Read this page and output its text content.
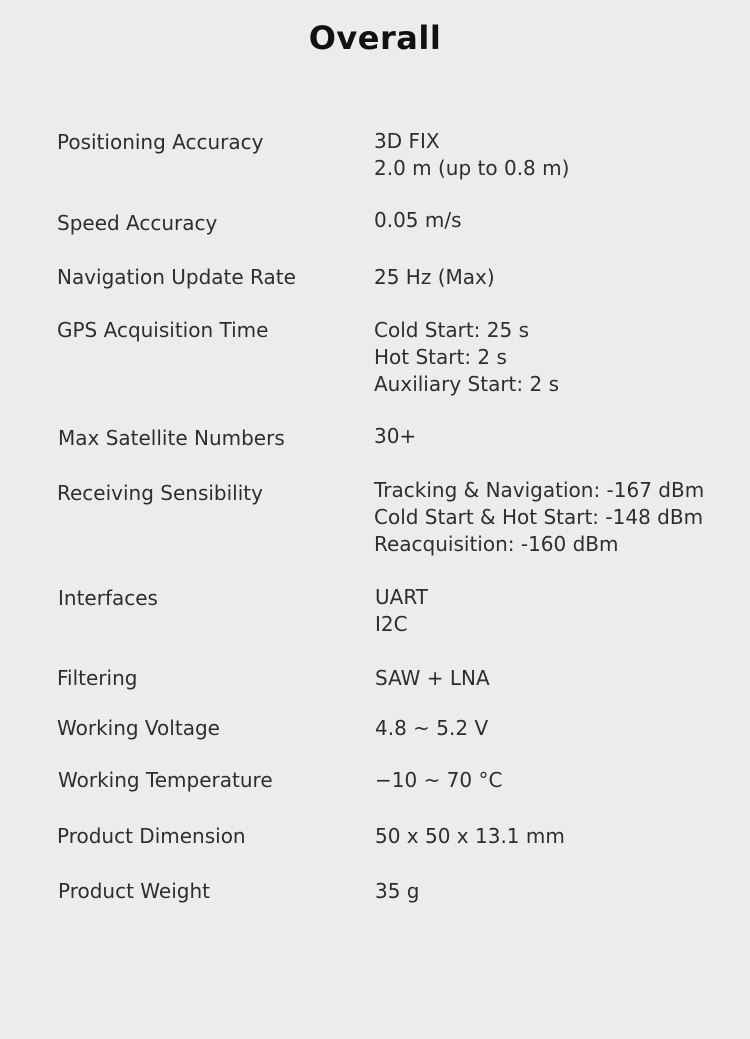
Overall
Positioning Accuracy	3D FIX
2.0 m (up to 0.8 m)
Speed Accuracy	0.05 m/s
Navigation Update Rate	25 Hz (Max)
GPS Acquisition Time	Cold Start: 25 s
Hot Start: 2 s
Auxiliary Start: 2 s
Max Satellite Numbers	30+
Receiving Sensibility	Tracking & Navigation: -167 dBm
Cold Start & Hot Start: -148 dBm
Reacquisition: -160 dBm
Interfaces	UART
I2C
Filtering	SAW + LNA
Working Voltage	4.8 ~ 5.2 V
Working Temperature	−10 ~ 70 °C
Product Dimension	50 x 50 x 13.1 mm
Product Weight	35 g
